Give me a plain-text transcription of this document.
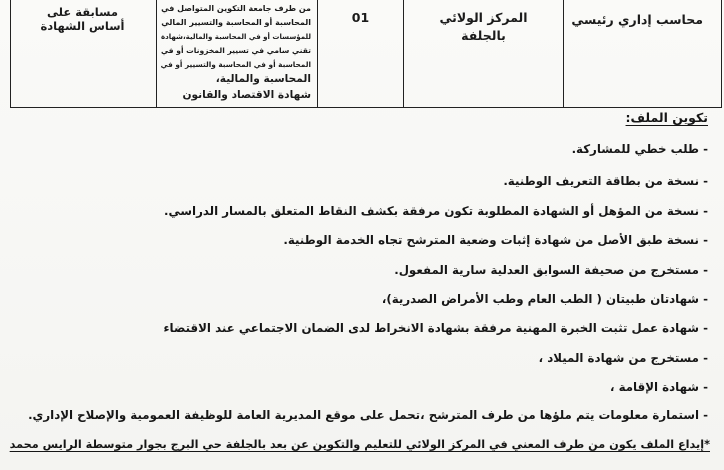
محاسب إداري رئيسي
المركز الولائي
بالجلفة
01
من طرف جامعة التكوين المتواصل في
المحاسبة أو المحاسبة والتسيير المالي
للمؤسسات أو في المحاسبة والمالية،شهادة
تقني سامي في تسيير المخزونات أو في
المحاسبة أو في المحاسبة والتسيير أو في
المحاسبة والمالية،
شهادة الاقتصاد والقانون
مسابقة على
أساس الشهادة
تكوين الملف:
- طلب خطي للمشاركة.
- نسخة من بطاقة التعريف الوطنية.
- نسخة من المؤهل أو الشهادة المطلوبة تكون مرفقة بكشف النقاط المتعلق بالمسار الدراسي.
- نسخة طبق الأصل من شهادة إثبات وضعية المترشح تجاه الخدمة الوطنية.
- مستخرج من صحيفة السوابق العدلية سارية المفعول.
- شهادتان طبيتان ( الطب العام وطب الأمراض الصدرية)،
- شهادة عمل تثبت الخبرة المهنية مرفقة بشهادة الانخراط لدى الضمان الاجتماعي عند الاقتضاء
- مستخرج من شهادة الميلاد ،
- شهادة الإقامة ،
- استمارة معلومات يتم ملؤها من طرف المترشح ،تحمل على موقع المديرية العامة للوظيفة العمومية والإصلاح الإداري.
*إيداع الملف يكون من طرف المعني في المركز الولائي للتعليم والتكوين عن بعد بالجلفة حي البرج بجوار متوسطة الرايس محمد
